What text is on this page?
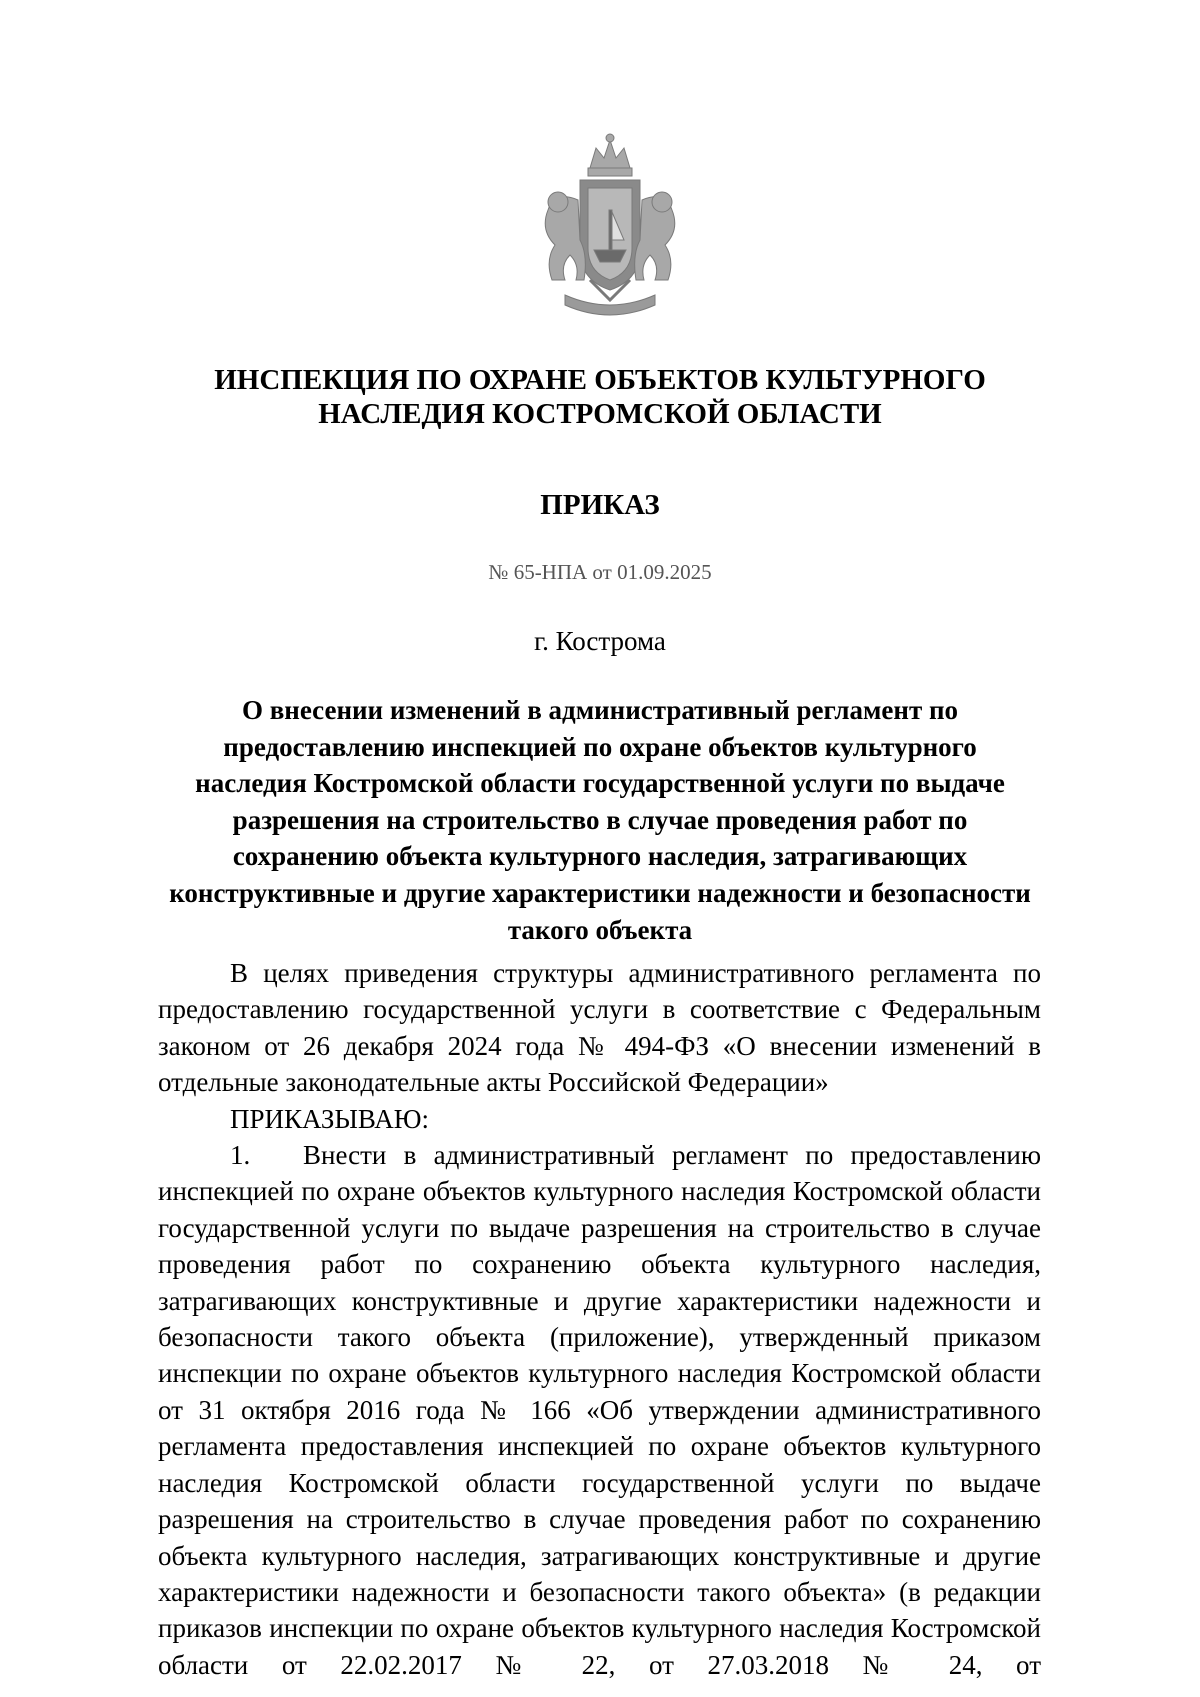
ИНСПЕКЦИЯ ПО ОХРАНЕ ОБЪЕКТОВ КУЛЬТУРНОГО
НАСЛЕДИЯ КОСТРОМСКОЙ ОБЛАСТИ
ПРИКАЗ
№ 65-НПА от 01.09.2025
г. Кострома
О внесении изменений в административный регламент по
предоставлению инспекцией по охране объектов культурного
наследия Костромской области государственной услуги по выдаче
разрешения на строительство в случае проведения работ по
сохранению объекта культурного наследия, затрагивающих
конструктивные и другие характеристики надежности и безопасности
такого объекта

В целях приведения структуры административного регламента по предоставлению государственной услуги в соответствие с Федеральным законом от 26 декабря 2024 года № 494-ФЗ «О внесении изменений в отдельные законодательные акты Российской Федерации»

ПРИКАЗЫВАЮ:

1. Внести в административный регламент по предоставлению инспекцией по охране объектов культурного наследия Костромской области государственной услуги по выдаче разрешения на строительство в случае проведения работ по сохранению объекта культурного наследия, затрагивающих конструктивные и другие характеристики надежности и безопасности такого объекта (приложение), утвержденный приказом инспекции по охране объектов культурного наследия Костромской области от 31 октября 2016 года № 166 «Об утверждении административного регламента предоставления инспекцией по охране объектов культурного наследия Костромской области государственной услуги по выдаче разрешения на строительство в случае проведения работ по сохранению объекта культурного наследия, затрагивающих конструктивные и другие характеристики надежности и безопасности такого объекта» (в редакции приказов инспекции по охране объектов культурного наследия Костромской области от 22.02.2017 № 22, от 27.03.2018 № 24, от
